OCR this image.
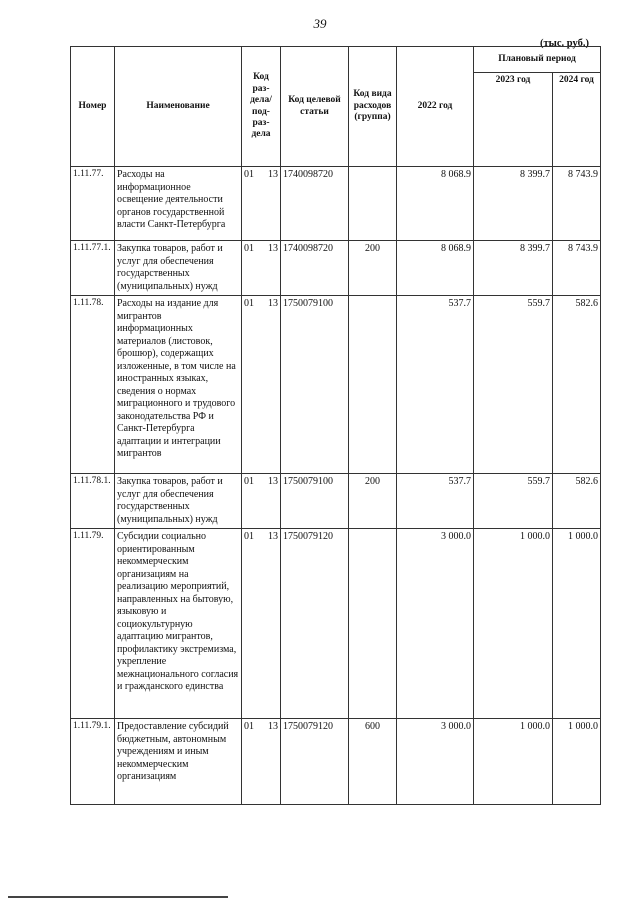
39
(тыс. руб.)
Номер	Наименование	Код раз-дела/ под-раз-дела	Код целевой статьи	Код вида расходов (группа)	2022 год	Плановый период	
						2023 год	2024 год
1.11.77.	Расходы на информационное освещение деятельности органов государственной власти Санкт-Петербурга	01 13	1740098720		8 068.9	8 399.7	8 743.9
1.11.77.1.	Закупка товаров, работ и услуг для обеспечения государственных (муниципальных) нужд	01 13	1740098720	200	8 068.9	8 399.7	8 743.9
1.11.78.	Расходы на издание для мигрантов информационных материалов (листовок, брошюр), содержащих изложенные, в том числе на иностранных языках, сведения о нормах миграционного и трудового законодательства РФ и Санкт-Петербурга адаптации и интеграции мигрантов	01 13	1750079100		537.7	559.7	582.6
1.11.78.1.	Закупка товаров, работ и услуг для обеспечения государственных (муниципальных) нужд	01 13	1750079100	200	537.7	559.7	582.6
1.11.79.	Субсидии социально ориентированным некоммерческим организациям на реализацию мероприятий, направленных на бытовую, языковую и социокультурную адаптацию мигрантов, профилактику экстремизма, укрепление межнационального согласия и гражданского единства	01 13	1750079120		3 000.0	1 000.0	1 000.0
1.11.79.1.	Предоставление субсидий бюджетным, автономным учреждениям и иным некоммерческим организациям	01 13	1750079120	600	3 000.0	1 000.0	1 000.0
